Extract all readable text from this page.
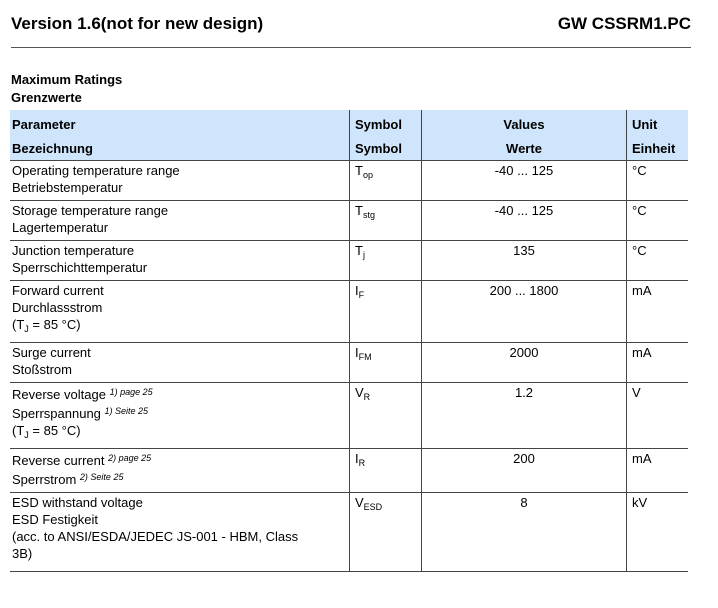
Version 1.6(not for new design)	GW CSSRM1.PC
Maximum Ratings
Grenzwerte
Parameter	Symbol	Values	Unit
Bezeichnung	Symbol	Werte	Einheit

Operating temperature range
Betriebstemperatur	$T_{op}$	-40 ... 125	°C

Storage temperature range
Lagertemperatur	$T_{stg}$	-40 ... 125	°C

Junction temperature
Sperrschichttemperatur	$T_j$	135	°C

Forward current
Durchlassstrom
($T_J = 85$ °C)	$I_F$	200 ... 1800	mA

Surge current
Stoßstrom	$I_{FM}$	2000	mA

Reverse voltage $^{1) page 25}$
Sperrspannung $^{1) Seite 25}$
($T_J = 85$ °C)	$V_R$	1.2	V

Reverse current $^{2) page 25}$
Sperrstrom $^{2) Seite 25}$	$I_R$	200	mA

ESD withstand voltage
ESD Festigkeit
(acc. to ANSI/ESDA/JEDEC JS-001 - HBM, Class
3B)	$V_{ESD}$	8	kV
